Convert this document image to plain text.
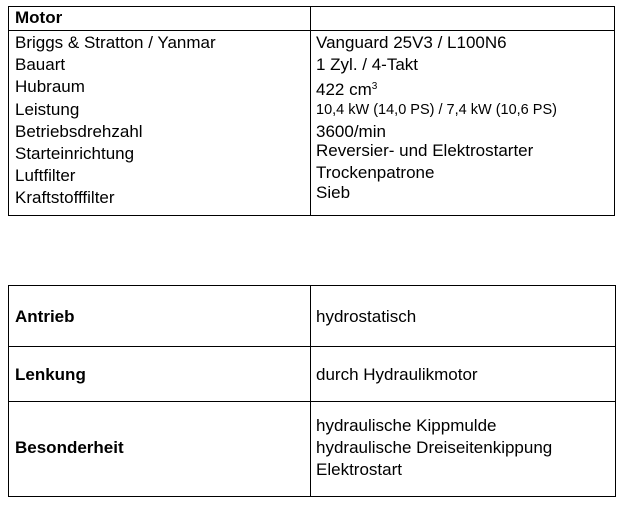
Motor
Briggs & Stratton / Yanmar
Bauart
Hubraum
Leistung
Betriebsdrehzahl
Starteinrichtung
Luftfilter
Kraftstofffilter
Vanguard 25V3 / L100N6
1 Zyl. / 4-Takt
422 $cm^3$
10,4 kW (14,0 PS) / 7,4 kW (10,6 PS)
3600/min
Reversier- und Elektrostarter
Trockenpatrone
Sieb
Antrieb	hydrostatisch
Lenkung	durch Hydraulikmotor
Besonderheit
hydraulische Kippmulde
hydraulische Dreiseitenkippung
Elektrostart
